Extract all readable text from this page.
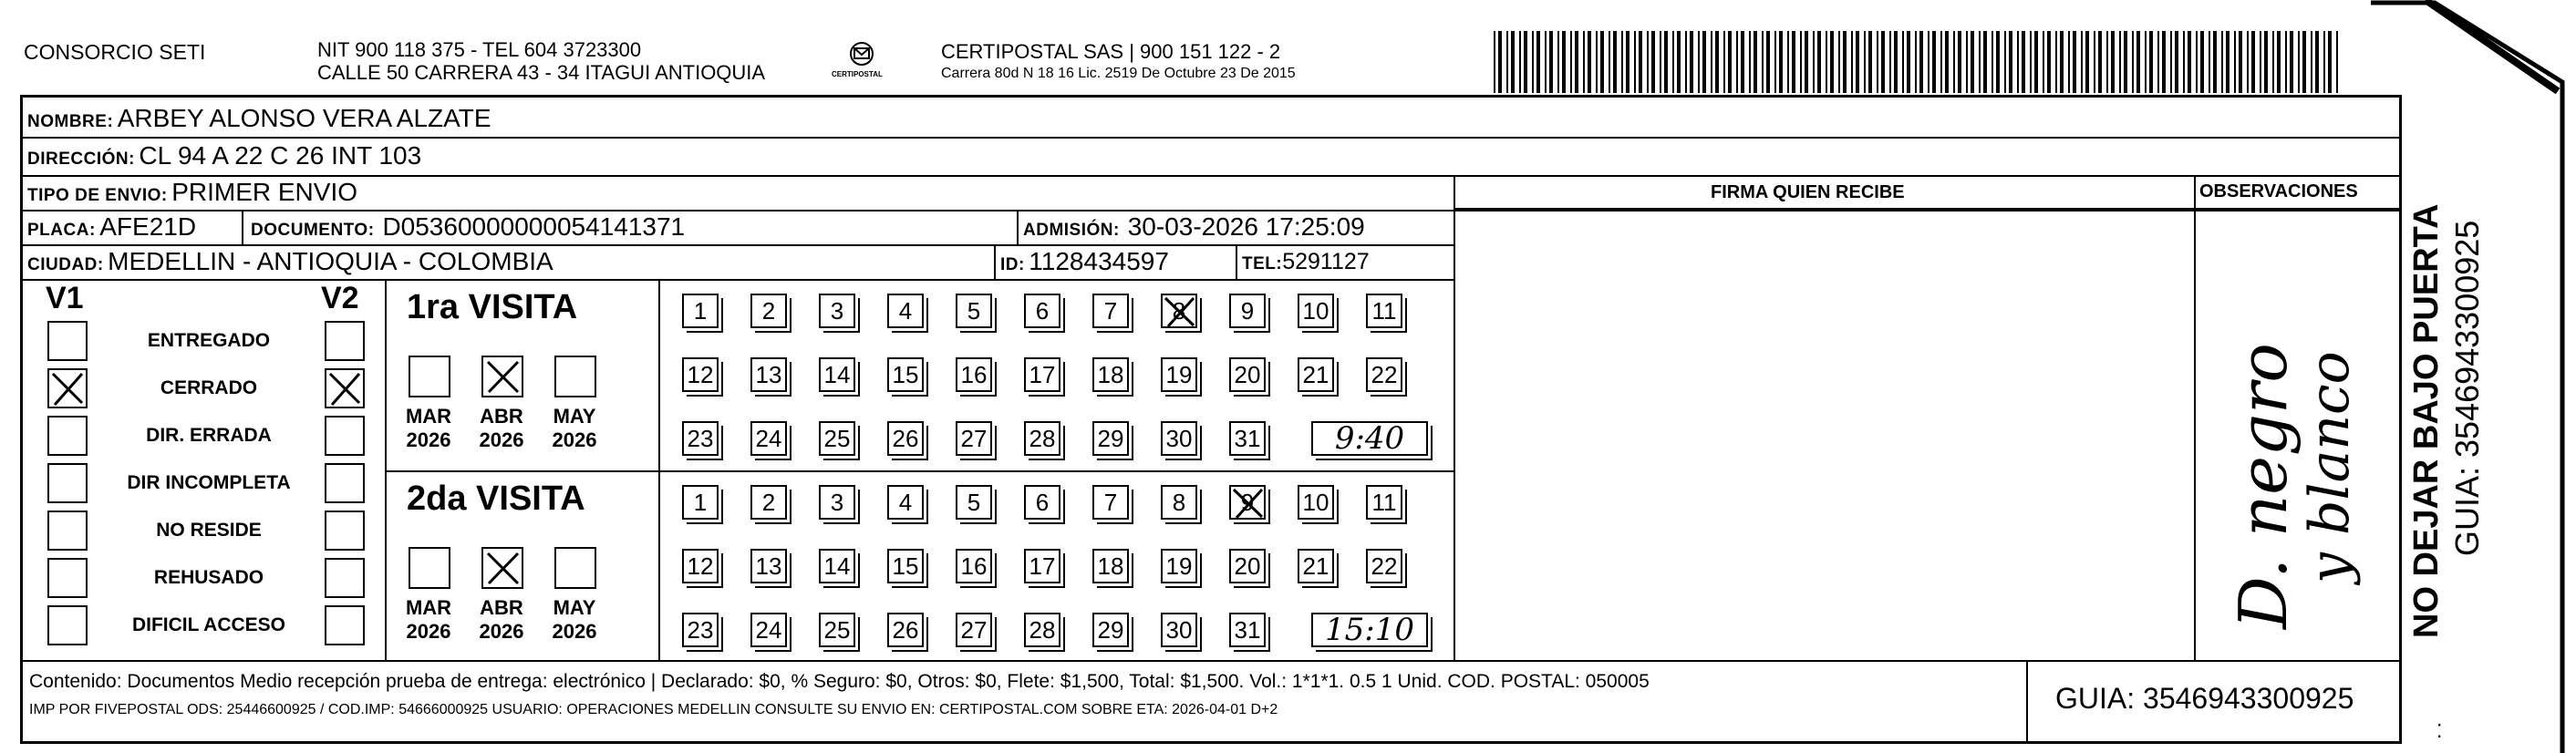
CONSORCIO SETI	NIT 900 118 375 - TEL 604 3723300
CALLE 50 CARRERA 43 - 34 ITAGUI ANTIOQUIA	CERTIPOSTAL
CERTIPOSTAL SAS | 900 151 122 - 2
Carrera 80d N 18 16 Lic. 2519 De Octubre 23 De 2015
NOMBRE: ARBEY ALONSO VERA ALZATE
DIRECCIÓN: CL 94 A 22 C 26 INT 103
TIPO DE ENVIO: PRIMER ENVIO	FIRMA QUIEN RECIBE	OBSERVACIONES
PLACA: AFE21D	DOCUMENTO: D05360000000054141371	ADMISIÓN: 30-03-2026 17:25:09
CIUDAD: MEDELLIN - ANTIOQUIA - COLOMBIA	ID: 1128434597	TEL:5291127
V1	V2
ENTREGADO
CERRADO
DIR. ERRADA
DIR INCOMPLETA
NO RESIDE
REHUSADO
DIFICIL ACCESO
1ra VISITA
MAR
2026
ABR
2026
MAY
2026
1	2	3	4	5	6	7	8	9	10 11
12 13 14 15 16 17 18 19 20 21 22
23 24 25 26 27 28 29 30 31	9:40
2da VISITA
MAR
2026
ABR
2026
MAY
2026
1	2	3	4	5	6	7	8	9	10 11
12 13 14 15 16 17 18 19 20 21 22
23 24 25 26 27 28 29 30 31	15:10
D. negro
y blanco
Contenido: Documentos Medio recepción prueba de entrega: electrónico | Declarado: $0, % Seguro: $0, Otros: $0, Flete: $1,500, Total: $1,500. Vol.: 1*1*1. 0.5 1 Unid. COD. POSTAL: 050005
IMP POR FIVEPOSTAL ODS: 25446600925 / COD.IMP: 54666000925 USUARIO: OPERACIONES MEDELLIN CONSULTE SU ENVIO EN: CERTIPOSTAL.COM SOBRE ETA: 2026-04-01 D+2	GUIA: 3546943300925
NO DEJAR BAJO PUERTA GUIA: 3546943300925
⁚
